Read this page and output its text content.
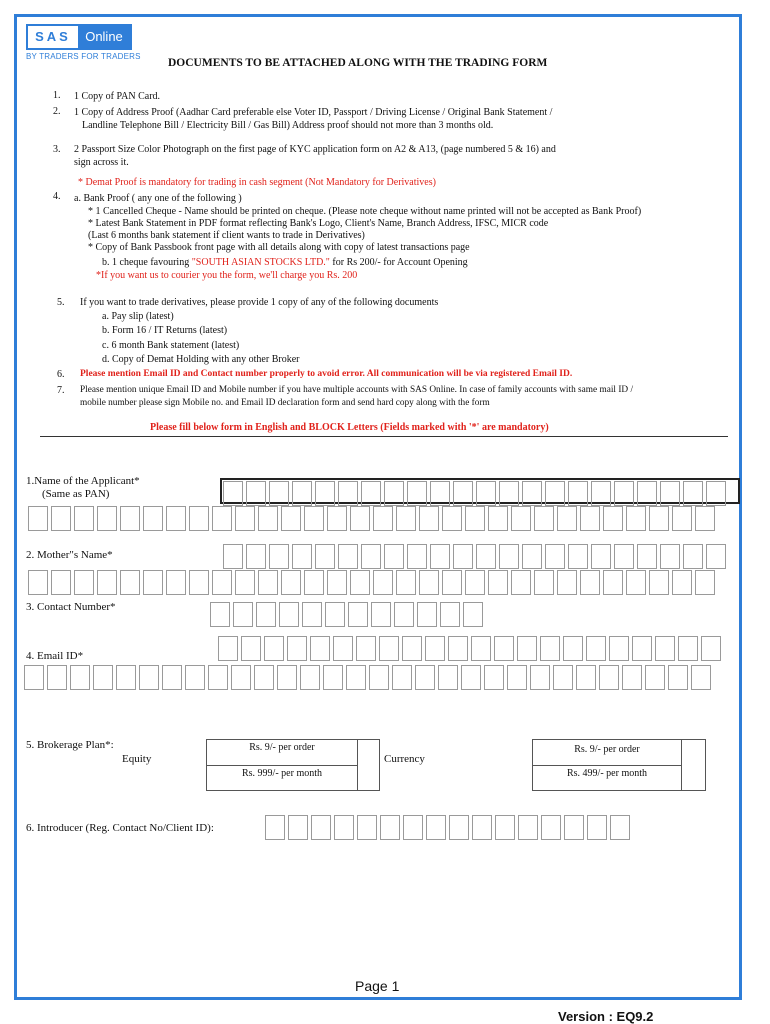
SAS	Online
BY TRADERS FOR TRADERS
DOCUMENTS TO BE ATTACHED ALONG WITH THE TRADING FORM
1. 1 Copy of PAN Card.
2. 1 Copy of Address Proof (Aadhar Card preferable else Voter ID, Passport / Driving License / Original Bank Statement /
Landline Telephone Bill / Electricity Bill / Gas Bill) Address proof should not more than 3 months old.
3. 2 Passport Size Color Photograph on the first page of KYC application form on A2 & A13, (page numbered 5 & 16) and
sign across it.
* Demat Proof is mandatory for trading in cash segment (Not Mandatory for Derivatives)
4. a. Bank Proof ( any one of the following )
* 1 Cancelled Cheque - Name should be printed on cheque. (Please note cheque without name printed will not be accepted as Bank Proof)
* Latest Bank Statement in PDF format reflecting Bank's Logo, Client's Name, Branch Address, IFSC, MICR code
(Last 6 months bank statement if client wants to trade in Derivatives)
* Copy of Bank Passbook front page with all details along with copy of latest transactions page
b. 1 cheque favouring "SOUTH ASIAN STOCKS LTD." for Rs 200/- for Account Opening
*If you want us to courier you the form, we'll charge you Rs. 200
5. If you want to trade derivatives, please provide 1 copy of any of the following documents
a. Pay slip (latest)
b. Form 16 / IT Returns (latest)
c. 6 month Bank statement (latest)
d. Copy of Demat Holding with any other Broker
6. Please mention Email ID and Contact number properly to avoid error. All communication will be via registered Email ID.
7. Please mention unique Email ID and Mobile number if you have multiple accounts with SAS Online. In case of family accounts with same mail ID /
mobile number please sign Mobile no. and Email ID declaration form and send hard copy along with the form
Please fill below form in English and BLOCK Letters (Fields marked with '*' are mandatory)
1.Name of the Applicant*
(Same as PAN)
2. Mother"s Name*
3. Contact Number*
4. Email ID*
5. Brokerage Plan*:
Equity
Rs. 9/- per order
Rs. 999/- per month
Currency
Rs. 9/- per order
Rs. 499/- per month
6. Introducer (Reg. Contact No/Client ID):
Page 1
Version : EQ9.2
